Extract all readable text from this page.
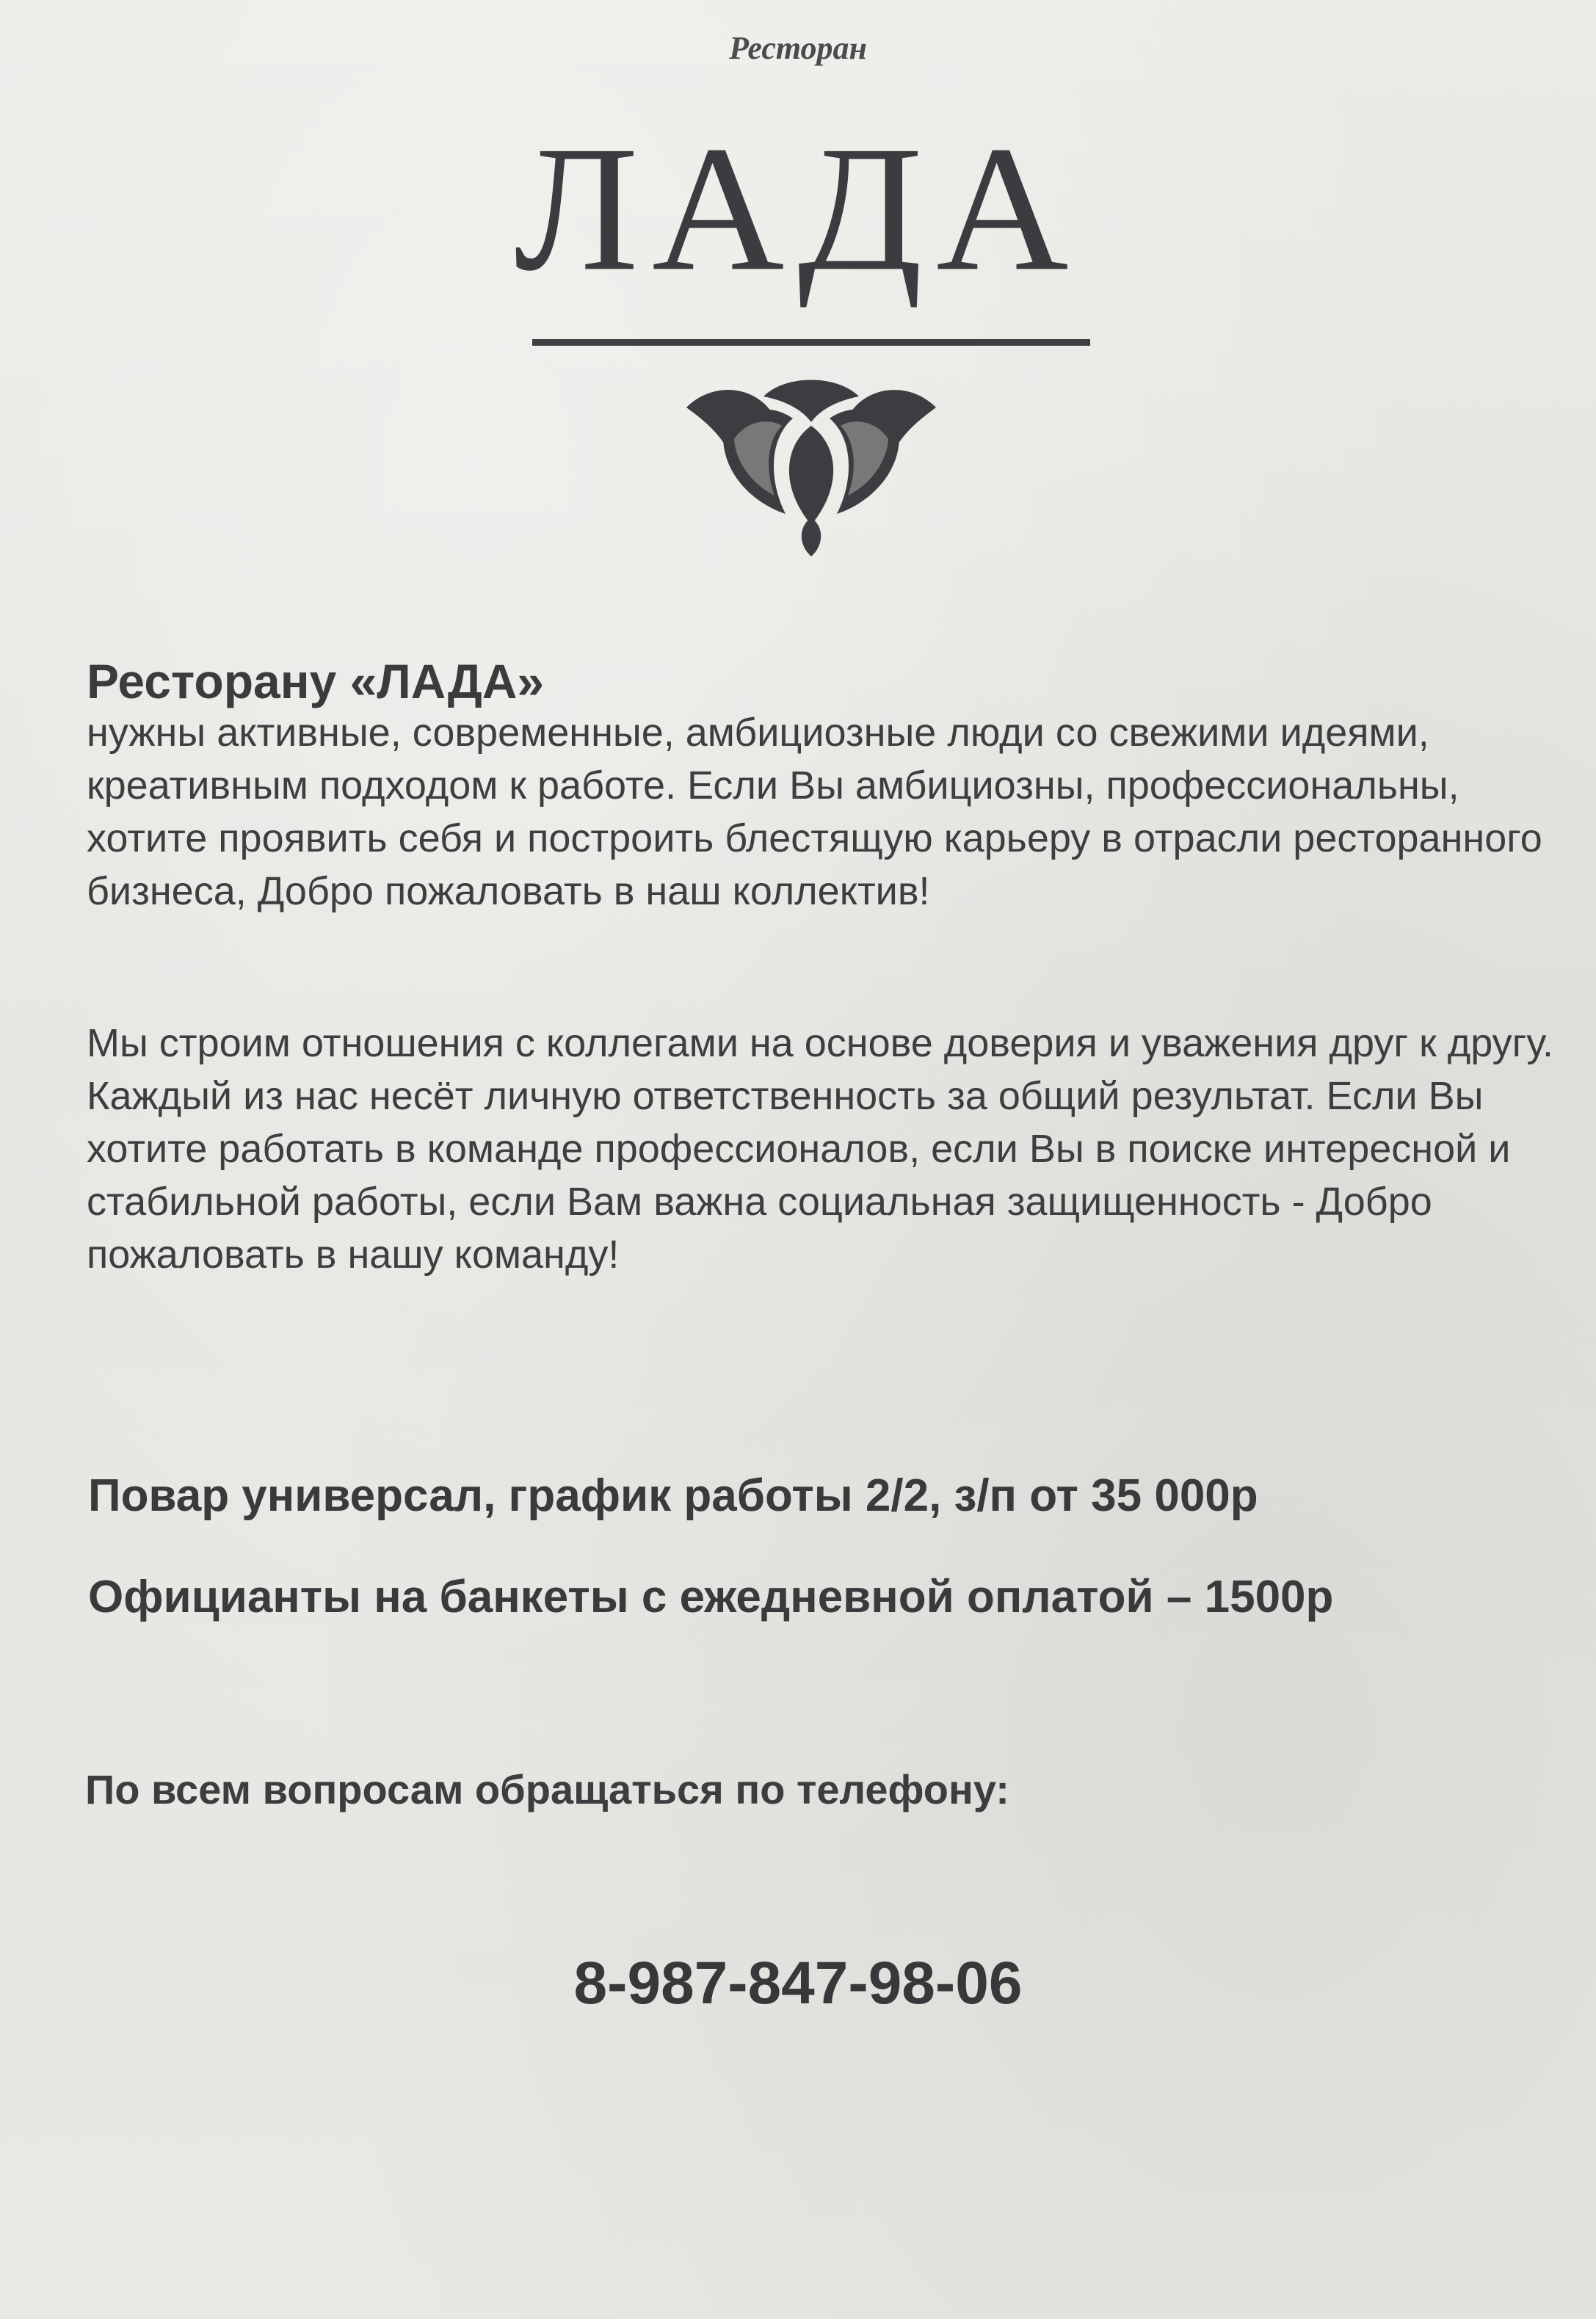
Ресторан
ЛАДА
Ресторану «ЛАДА»
нужны активные, современные, амбициозные люди со свежими идеями, креативным подходом к работе. Если Вы амбициозны, профессиональны, хотите проявить себя и построить блестящую карьеру в отрасли ресторанного бизнеса, Добро пожаловать в наш коллектив!
Мы строим отношения с коллегами на основе доверия и уважения друг к другу. Каждый из нас несёт личную ответственность за общий результат. Если Вы хотите работать в команде профессионалов, если Вы в поиске интересной и стабильной работы, если Вам важна социальная защищенность - Добро пожаловать в нашу команду!
Повар универсал, график работы 2/2, з/п от 35 000р
Официанты на банкеты с ежедневной оплатой – 1500р
По всем вопросам обращаться по телефону:
8-987-847-98-06
